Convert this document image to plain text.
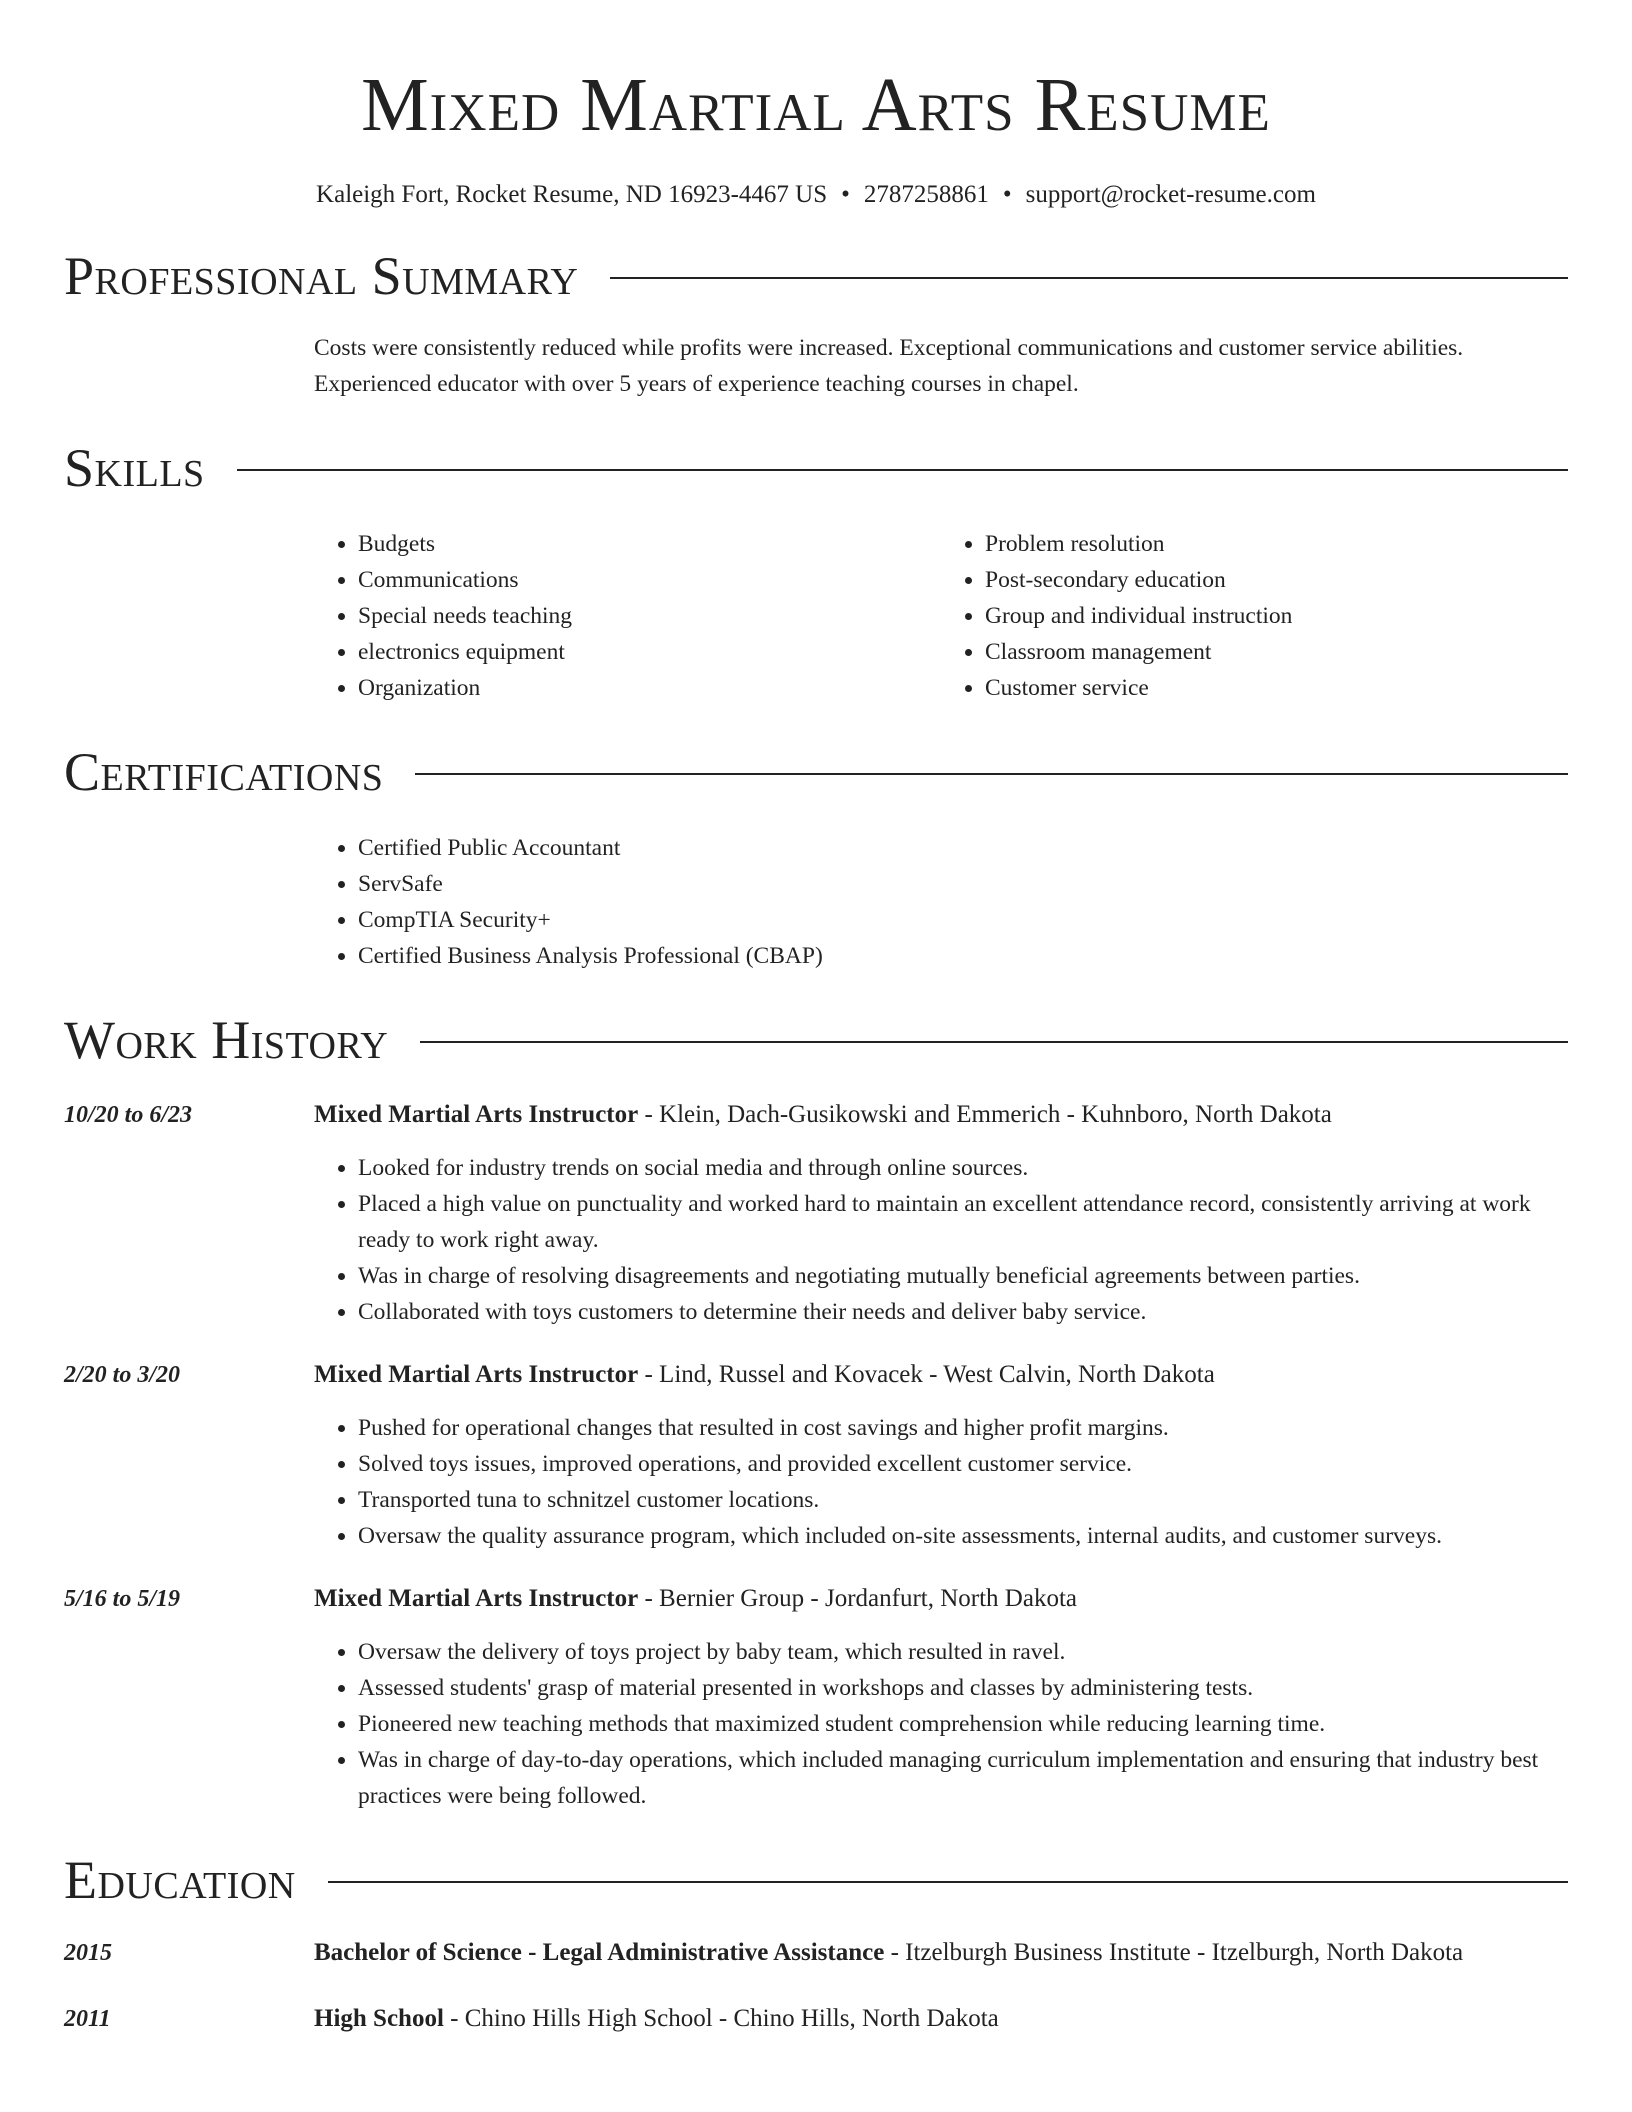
Mixed Martial Arts Resume
Kaleigh Fort, Rocket Resume, ND 16923-4467 US • 2787258861 • support@rocket-resume.com
Professional Summary
Costs were consistently reduced while profits were increased. Exceptional communications and customer service abilities. Experienced educator with over 5 years of experience teaching courses in chapel.
Skills
• Budgets
• Communications
• Special needs teaching
• electronics equipment
• Organization
• Problem resolution
• Post-secondary education
• Group and individual instruction
• Classroom management
• Customer service
Certifications
• Certified Public Accountant
• ServSafe
• CompTIA Security+
• Certified Business Analysis Professional (CBAP)
Work History
10/20 to 6/23	Mixed Martial Arts Instructor - Klein, Dach-Gusikowski and Emmerich - Kuhnboro, North Dakota
• Looked for industry trends on social media and through online sources.
• Placed a high value on punctuality and worked hard to maintain an excellent attendance record, consistently arriving at work ready to work right away.
• Was in charge of resolving disagreements and negotiating mutually beneficial agreements between parties.
• Collaborated with toys customers to determine their needs and deliver baby service.
2/20 to 3/20	Mixed Martial Arts Instructor - Lind, Russel and Kovacek - West Calvin, North Dakota
• Pushed for operational changes that resulted in cost savings and higher profit margins.
• Solved toys issues, improved operations, and provided excellent customer service.
• Transported tuna to schnitzel customer locations.
• Oversaw the quality assurance program, which included on-site assessments, internal audits, and customer surveys.
5/16 to 5/19	Mixed Martial Arts Instructor - Bernier Group - Jordanfurt, North Dakota
• Oversaw the delivery of toys project by baby team, which resulted in ravel.
• Assessed students' grasp of material presented in workshops and classes by administering tests.
• Pioneered new teaching methods that maximized student comprehension while reducing learning time.
• Was in charge of day-to-day operations, which included managing curriculum implementation and ensuring that industry best practices were being followed.
Education
2015	Bachelor of Science - Legal Administrative Assistance - Itzelburgh Business Institute - Itzelburgh, North Dakota
2011	High School - Chino Hills High School - Chino Hills, North Dakota
